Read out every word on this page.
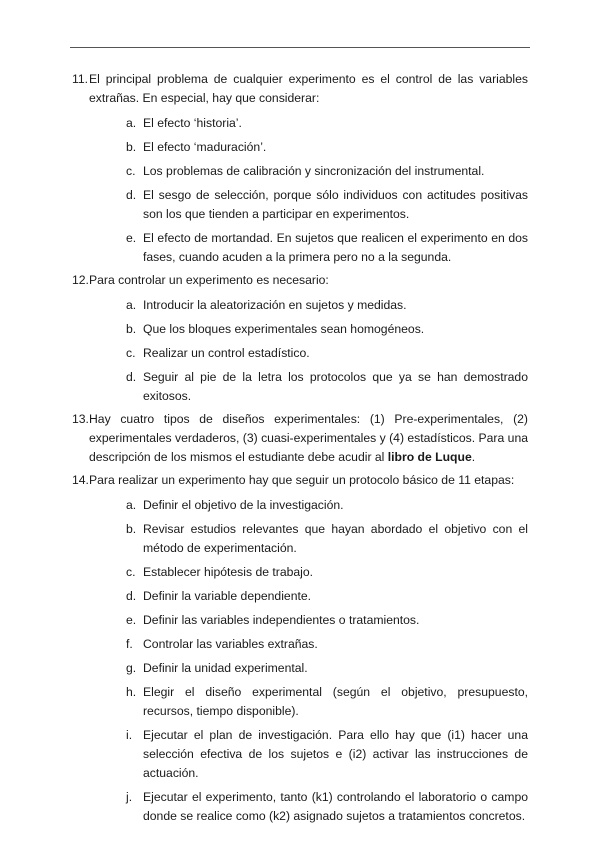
11. El principal problema de cualquier experimento es el control de las variables extrañas. En especial, hay que considerar:
a. El efecto ‘historia’.
b. El efecto ‘maduración’.
c. Los problemas de calibración y sincronización del instrumental.
d. El sesgo de selección, porque sólo individuos con actitudes positivas son los que tienden a participar en experimentos.
e. El efecto de mortandad. En sujetos que realicen el experimento en dos fases, cuando acuden a la primera pero no a la segunda.
12. Para controlar un experimento es necesario:
a. Introducir la aleatorización en sujetos y medidas.
b. Que los bloques experimentales sean homogéneos.
c. Realizar un control estadístico.
d. Seguir al pie de la letra los protocolos que ya se han demostrado exitosos.
13. Hay cuatro tipos de diseños experimentales: (1) Pre-experimentales, (2) experimentales verdaderos, (3) cuasi-experimentales y (4) estadísticos. Para una descripción de los mismos el estudiante debe acudir al libro de Luque.
14. Para realizar un experimento hay que seguir un protocolo básico de 11 etapas:
a. Definir el objetivo de la investigación.
b. Revisar estudios relevantes que hayan abordado el objetivo con el método de experimentación.
c. Establecer hipótesis de trabajo.
d. Definir la variable dependiente.
e. Definir las variables independientes o tratamientos.
f. Controlar las variables extrañas.
g. Definir la unidad experimental.
h. Elegir el diseño experimental (según el objetivo, presupuesto, recursos, tiempo disponible).
i. Ejecutar el plan de investigación. Para ello hay que (i1) hacer una selección efectiva de los sujetos e (i2) activar las instrucciones de actuación.
j. Ejecutar el experimento, tanto (k1) controlando el laboratorio o campo donde se realice como (k2) asignado sujetos a tratamientos concretos.
